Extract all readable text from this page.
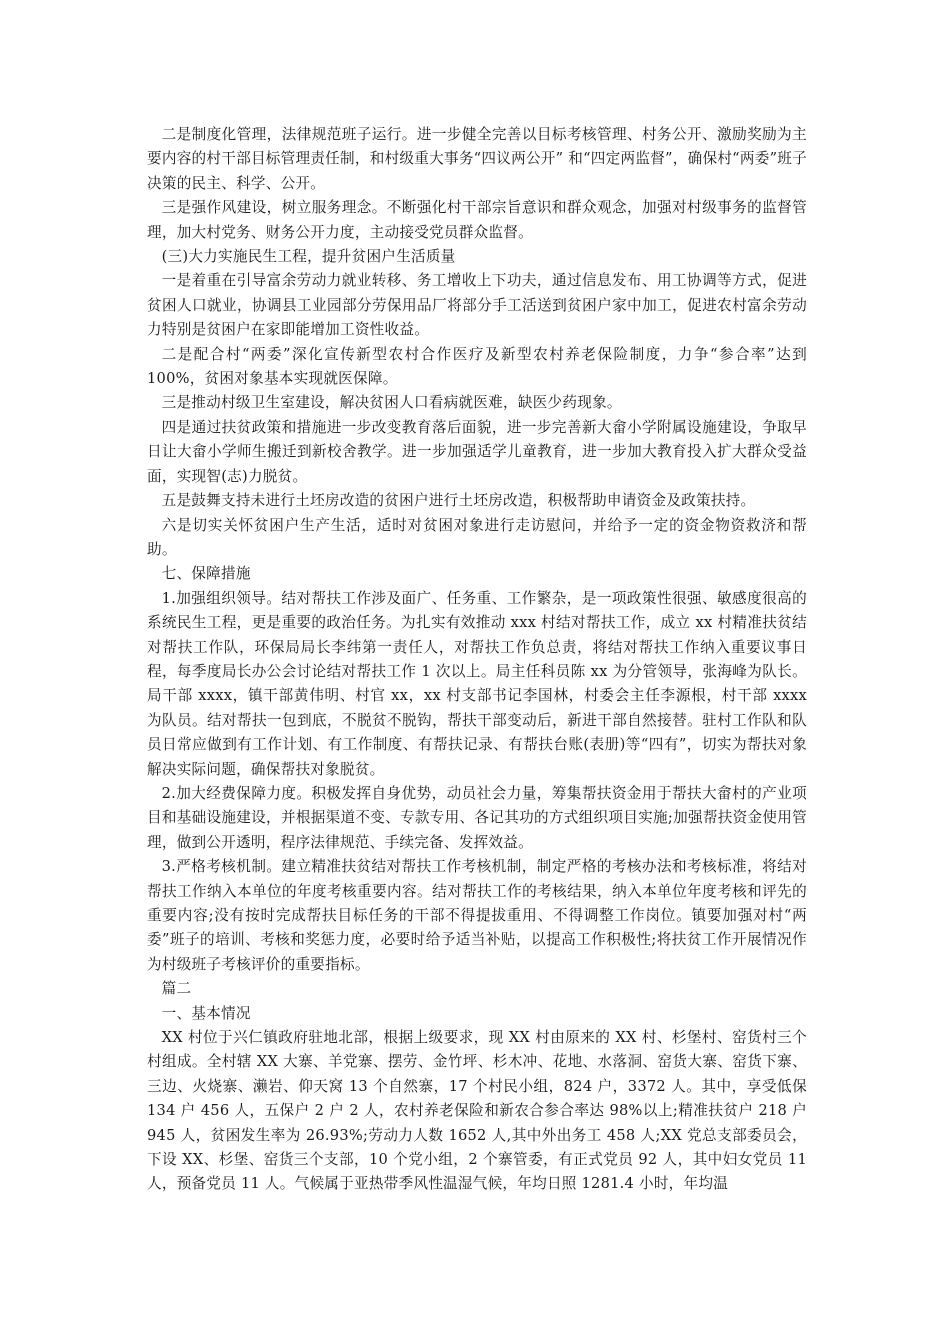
二是制度化管理，法律规范班子运行。进一步健全完善以目标考核管理、村务公开、激励奖励为主要内容的村干部目标管理责任制，和村级重大事务“四议两公开” 和“四定两监督”，确保村“两委”班子决策的民主、科学、公开。

三是强作风建设，树立服务理念。不断强化村干部宗旨意识和群众观念，加强对村级事务的监督管理，加大村党务、财务公开力度，主动接受党员群众监督。

(三)大力实施民生工程，提升贫困户生活质量

一是着重在引导富余劳动力就业转移、务工增收上下功夫，通过信息发布、用工协调等方式，促进贫困人口就业，协调县工业园部分劳保用品厂将部分手工活送到贫困户家中加工，促进农村富余劳动力特别是贫困户在家即能增加工资性收益。

二是配合村“两委”深化宣传新型农村合作医疗及新型农村养老保险制度，力争“参合率”达到 100%，贫困对象基本实现就医保障。

三是推动村级卫生室建设，解决贫困人口看病就医难，缺医少药现象。

四是通过扶贫政策和措施进一步改变教育落后面貌，进一步完善新大畲小学附属设施建设，争取早日让大畲小学师生搬迁到新校舍教学。进一步加强适学儿童教育，进一步加大教育投入扩大群众受益面，实现智(志)力脱贫。

五是鼓舞支持未进行土坯房改造的贫困户进行土坯房改造，积极帮助申请资金及政策扶持。

六是切实关怀贫困户生产生活，适时对贫困对象进行走访慰问，并给予一定的资金物资救济和帮助。

七、保障措施

1.加强组织领导。结对帮扶工作涉及面广、任务重、工作繁杂，是一项政策性很强、敏感度很高的系统民生工程，更是重要的政治任务。为扎实有效推动 xxx 村结对帮扶工作，成立 xx 村精准扶贫结对帮扶工作队，环保局局长李纬第一责任人，对帮扶工作负总责，将结对帮扶工作纳入重要议事日程，每季度局长办公会讨论结对帮扶工作 1 次以上。局主任科员陈 xx 为分管领导，张海峰为队长。局干部 xxxx，镇干部黄伟明、村官 xx，xx 村支部书记李国林，村委会主任李源根，村干部 xxxx 为队员。结对帮扶一包到底，不脱贫不脱钩，帮扶干部变动后，新进干部自然接替。驻村工作队和队员日常应做到有工作计划、有工作制度、有帮扶记录、有帮扶台账(表册)等“四有”，切实为帮扶对象解决实际问题，确保帮扶对象脱贫。

2.加大经费保障力度。积极发挥自身优势，动员社会力量，筹集帮扶资金用于帮扶大畲村的产业项目和基础设施建设，并根据渠道不变、专款专用、各记其功的方式组织项目实施;加强帮扶资金使用管理，做到公开透明，程序法律规范、手续完备、发挥效益。

3.严格考核机制。建立精准扶贫结对帮扶工作考核机制，制定严格的考核办法和考核标准，将结对帮扶工作纳入本单位的年度考核重要内容。结对帮扶工作的考核结果，纳入本单位年度考核和评先的重要内容;没有按时完成帮扶目标任务的干部不得提拔重用、不得调整工作岗位。镇要加强对村“两委”班子的培训、考核和奖惩力度，必要时给予适当补贴，以提高工作积极性;将扶贫工作开展情况作为村级班子考核评价的重要指标。

篇二

一、基本情况

XX 村位于兴仁镇政府驻地北部，根据上级要求，现 XX 村由原来的 XX 村、杉堡村、窑货村三个村组成。全村辖 XX 大寨、羊党寨、摆劳、金竹坪、杉木冲、花地、水落洞、窑货大寨、窑货下寨、三边、火烧寨、濑岩、仰天窝 13 个自然寨，17 个村民小组，824 户，3372 人。其中，享受低保 134 户 456 人，五保户 2 户 2 人，农村养老保险和新农合参合率达 98%以上;精准扶贫户 218 户 945 人，贫困发生率为 26.93%;劳动力人数 1652 人,其中外出务工 458 人;XX 党总支部委员会，下设 XX、杉堡、窑货三个支部，10 个党小组，2 个寨管委，有正式党员 92 人，其中妇女党员 11 人，预备党员 11 人。气候属于亚热带季风性温湿气候，年均日照 1281.4 小时，年均温
